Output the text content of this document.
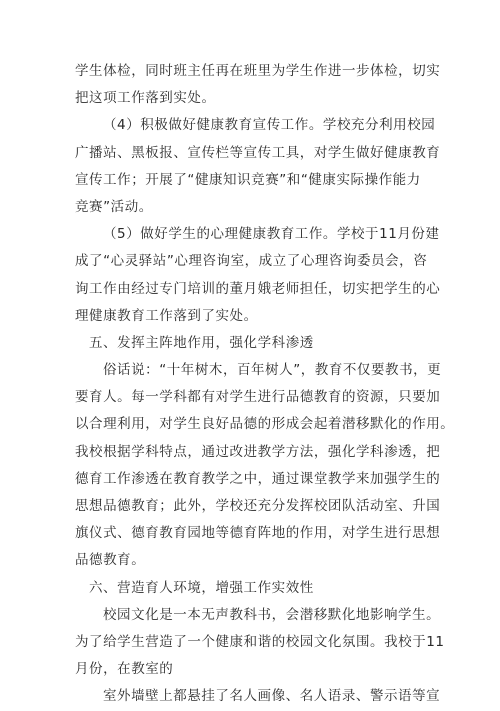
学生体检，同时班主任再在班里为学生作进一步体检，切实
把这项工作落到实处。
（4）积极做好健康教育宣传工作。学校充分利用校园
广播站、黑板报、宣传栏等宣传工具，对学生做好健康教育
宣传工作；开展了“健康知识竞赛”和“健康实际操作能力
竞赛”活动。
（5）做好学生的心理健康教育工作。学校于11月份建
成了“心灵驿站”心理咨询室，成立了心理咨询委员会，咨
询工作由经过专门培训的董月娥老师担任，切实把学生的心
理健康教育工作落到了实处。
五、发挥主阵地作用，强化学科渗透
俗话说：“十年树木，百年树人”，教育不仅要教书，更
要育人。每一学科都有对学生进行品德教育的资源，只要加
以合理利用，对学生良好品德的形成会起着潜移默化的作用。
我校根据学科特点，通过改进教学方法，强化学科渗透，把
德育工作渗透在教育教学之中，通过课堂教学来加强学生的
思想品德教育；此外，学校还充分发挥校团队活动室、升国
旗仪式、德育教育园地等德育阵地的作用，对学生进行思想
品德教育。
六、营造育人环境，增强工作实效性
校园文化是一本无声教科书，会潜移默化地影响学生。
为了给学生营造了一个健康和谐的校园文化氛围。我校于11
月份，在教室的
室外墙壁上都悬挂了名人画像、名人语录、警示语等宣
